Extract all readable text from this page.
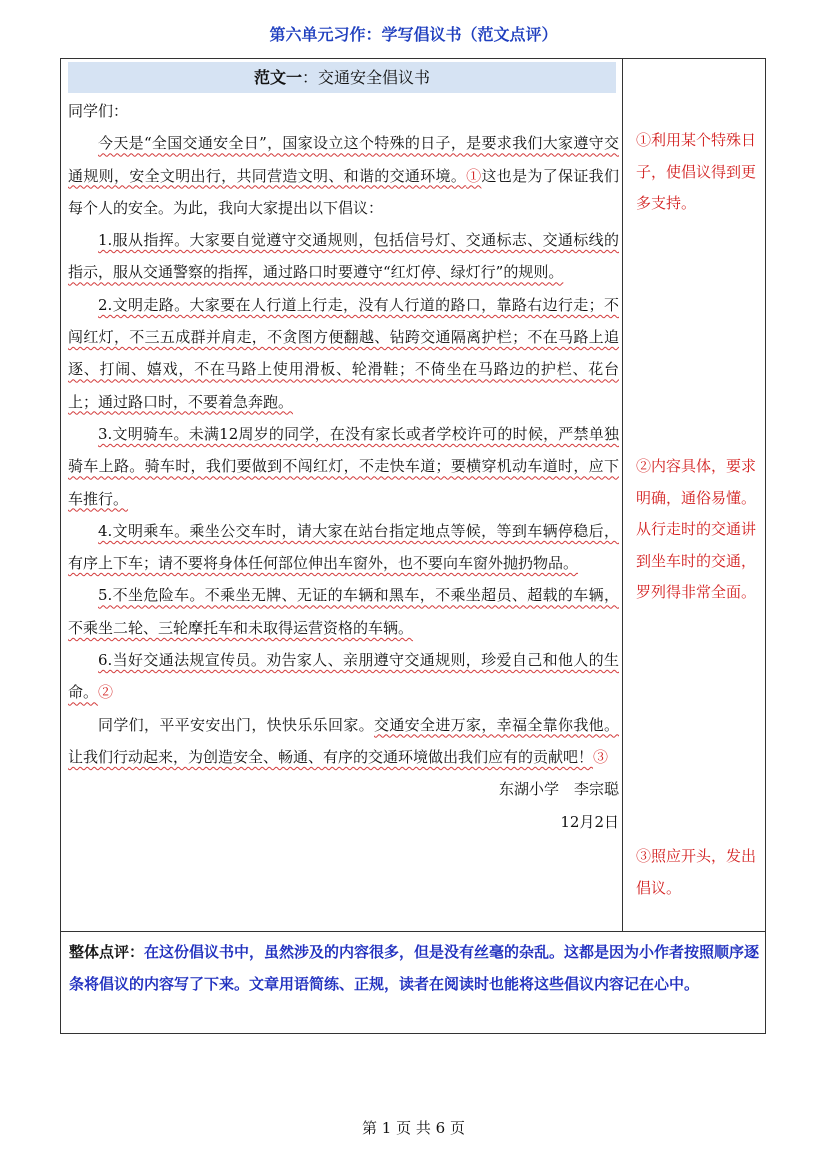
第六单元习作：学写倡议书（范文点评）
范文一：交通安全倡议书

同学们：

今天是“全国交通安全日”，国家设立这个特殊的日子，是要求我们大家遵守交通规则，安全文明出行，共同营造文明、和谐的交通环境。①这也是为了保证我们每个人的安全。为此，我向大家提出以下倡议：

1.服从指挥。大家要自觉遵守交通规则，包括信号灯、交通标志、交通标线的指示，服从交通警察的指挥，通过路口时要遵守“红灯停、绿灯行”的规则。

2.文明走路。大家要在人行道上行走，没有人行道的路口，靠路右边行走；不闯红灯，不三五成群并肩走，不贪图方便翻越、钻跨交通隔离护栏；不在马路上追逐、打闹、嬉戏，不在马路上使用滑板、轮滑鞋；不倚坐在马路边的护栏、花台上；通过路口时，不要着急奔跑。

3.文明骑车。未满12周岁的同学，在没有家长或者学校许可的时候，严禁单独骑车上路。骑车时，我们要做到不闯红灯，不走快车道；要横穿机动车道时，应下车推行。

4.文明乘车。乘坐公交车时，请大家在站台指定地点等候，等到车辆停稳后，有序上下车；请不要将身体任何部位伸出车窗外，也不要向车窗外抛扔物品。

5.不坐危险车。不乘坐无牌、无证的车辆和黑车，不乘坐超员、超载的车辆，不乘坐二轮、三轮摩托车和未取得运营资格的车辆。

6.当好交通法规宣传员。劝告家人、亲朋遵守交通规则，珍爱自己和他人的生命。②

同学们，平平安安出门，快快乐乐回家。交通安全进万家，幸福全靠你我他。让我们行动起来，为创造安全、畅通、有序的交通环境做出我们应有的贡献吧！③

东湖小学　李宗聪

12月2日

①利用某个特殊日子，使倡议得到更多支持。
②内容具体，要求明确，通俗易懂。从行走时的交通讲到坐车时的交通，罗列得非常全面。
③照应开头，发出倡议。
整体点评：在这份倡议书中，虽然涉及的内容很多，但是没有丝毫的杂乱。这都是因为小作者按照顺序逐条将倡议的内容写了下来。文章用语简练、正规，读者在阅读时也能将这些倡议内容记在心中。
第 1 页 共 6 页
